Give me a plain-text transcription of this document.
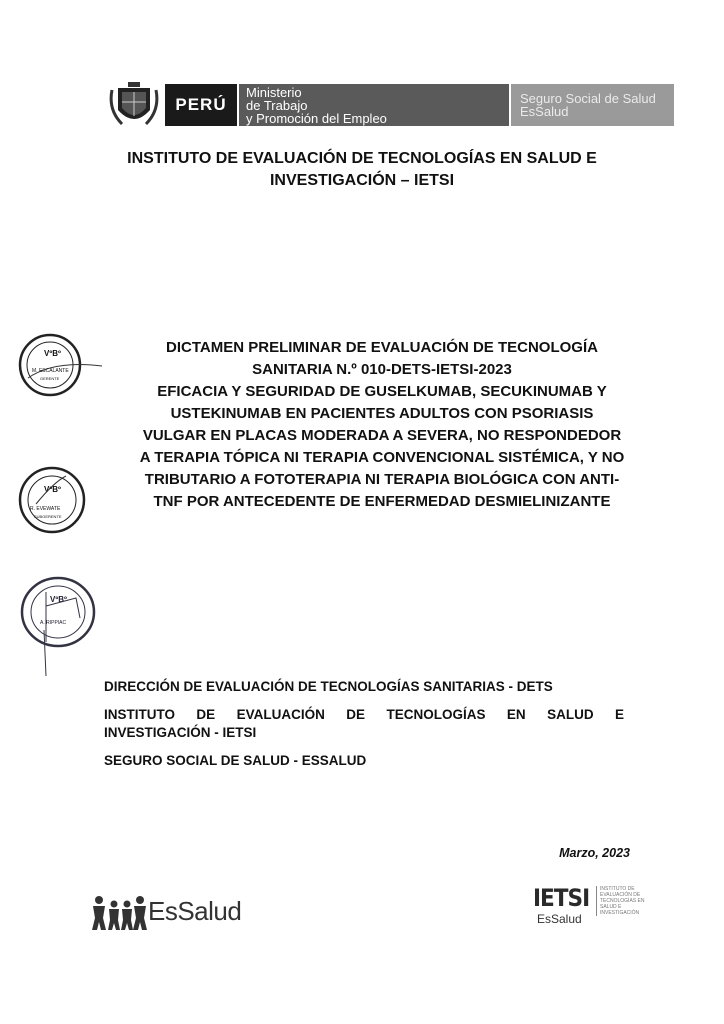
PERÚ
Ministerio
de Trabajo
y Promoción del Empleo
Seguro Social de Salud
EsSalud
INSTITUTO DE EVALUACIÓN DE TECNOLOGÍAS EN SALUD E
INVESTIGACIÓN – IETSI
DICTAMEN PRELIMINAR DE EVALUACIÓN DE TECNOLOGÍA
SANITARIA N.º 010-DETS-IETSI-2023
EFICACIA Y SEGURIDAD DE GUSELKUMAB, SECUKINUMAB Y
USTEKINUMAB EN PACIENTES ADULTOS CON PSORIASIS
VULGAR EN PLACAS MODERADA A SEVERA, NO RESPONDEDOR
A TERAPIA TÓPICA NI TERAPIA CONVENCIONAL SISTÉMICA, Y NO
TRIBUTARIO A FOTOTERAPIA NI TERAPIA BIOLÓGICA CON ANTI-
TNF POR ANTECEDENTE DE ENFERMEDAD DESMIELINIZANTE
VºBº
M. ESCALANTE
GERENTE
VºBº
R. EVEWATE
SUBGERENTE
VºBº
A. RIPPIAC
DIRECCIÓN DE EVALUACIÓN DE TECNOLOGÍAS SANITARIAS - DETS
INSTITUTO DE EVALUACIÓN DE TECNOLOGÍAS EN SALUD E
INVESTIGACIÓN - IETSI
SEGURO SOCIAL DE SALUD - ESSALUD
Marzo, 2023
EsSalud	IETSI
EsSalud
INSTITUTO DE EVALUACIÓN DE TECNOLOGÍAS EN SALUD E INVESTIGACIÓN
